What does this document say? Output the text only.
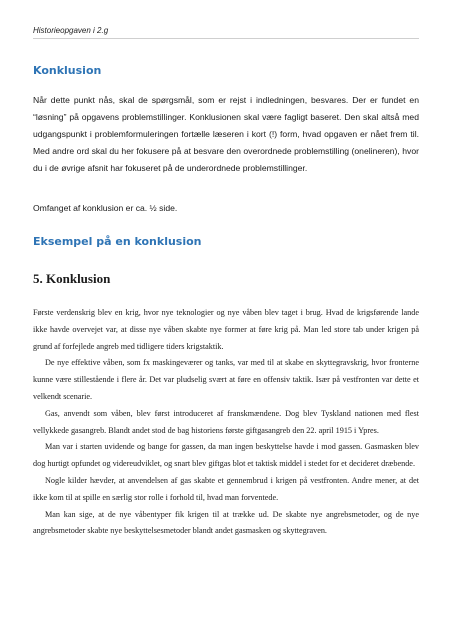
Historieopgaven i 2.g
Konklusion

Når dette punkt nås, skal de spørgsmål, som er rejst i indledningen, besvares. Der er fundet en “løsning” på opgavens problemstillinger. Konklusionen skal være fagligt baseret. Den skal altså med udgangspunkt i problemformuleringen fortælle læseren i kort (!) form, hvad opgaven er nået frem til. Med andre ord skal du her fokusere på at besvare den overordnede problemstilling (onelineren), hvor du i de øvrige afsnit har fokuseret på de underordnede problemstillinger.

Omfanget af konklusion er ca. ½ side.

Eksempel på en konklusion
5. Konklusion

Første verdenskrig blev en krig, hvor nye teknologier og nye våben blev taget i brug. Hvad de krigsførende lande ikke havde overvejet var, at disse nye våben skabte nye former at føre krig på. Man led store tab under krigen på grund af forfejlede angreb med tidligere tiders krigstaktik.

De nye effektive våben, som fx maskingeværer og tanks, var med til at skabe en skyttegravskrig, hvor fronterne kunne være stillestående i flere år. Det var pludselig svært at føre en offensiv taktik. Især på vestfronten var dette et velkendt scenarie.

Gas, anvendt som våben, blev først introduceret af franskmændene. Dog blev Tyskland nationen med flest vellykkede gasangreb. Blandt andet stod de bag historiens første giftgasangreb den 22. april 1915 i Ypres.

Man var i starten uvidende og bange for gassen, da man ingen beskyttelse havde i mod gassen. Gasmasken blev dog hurtigt opfundet og videreudviklet, og snart blev giftgas blot et taktisk middel i stedet for et decideret dræbende.

Nogle kilder hævder, at anvendelsen af gas skabte et gennembrud i krigen på vestfronten. Andre mener, at det ikke kom til at spille en særlig stor rolle i forhold til, hvad man forventede.

Man kan sige, at de nye våbentyper fik krigen til at trække ud. De skabte nye angrebsmetoder, og de nye angrebsmetoder skabte nye beskyttelsesmetoder blandt andet gasmasken og skyttegraven.
